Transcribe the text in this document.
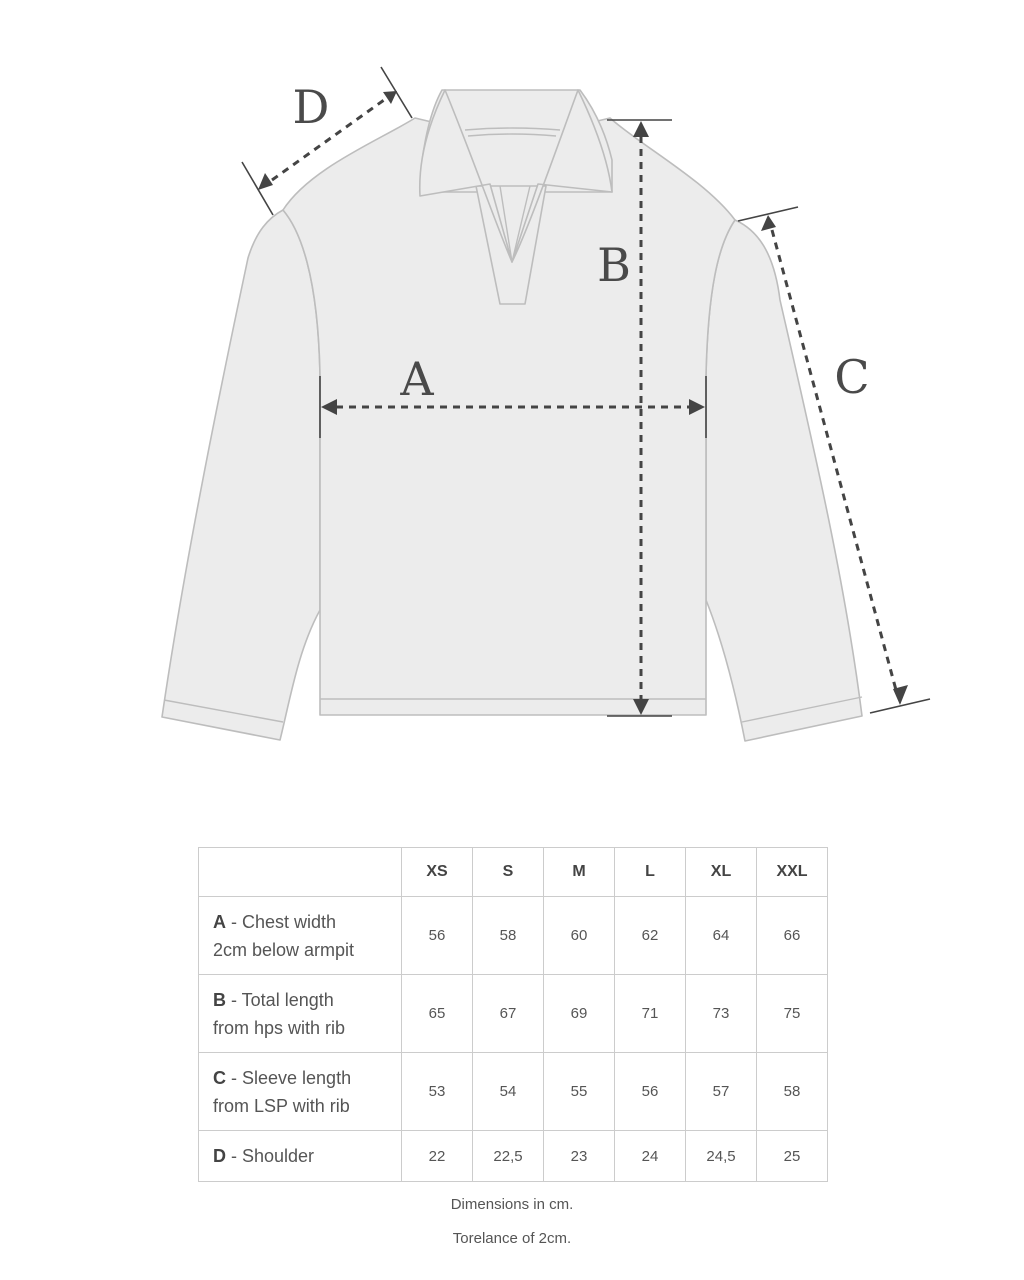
A
B
C
D
	XS	S	M	L	XL	XXL
A - Chest width
2cm below armpit	56	58	60	62	64	66
B - Total length
from hps with rib	65	67	69	71	73	75
C - Sleeve length
from LSP with rib	53	54	55	56	57	58
D - Shoulder	22	22,5	23	24	24,5	25
Dimensions in cm.
Torelance of 2cm.
